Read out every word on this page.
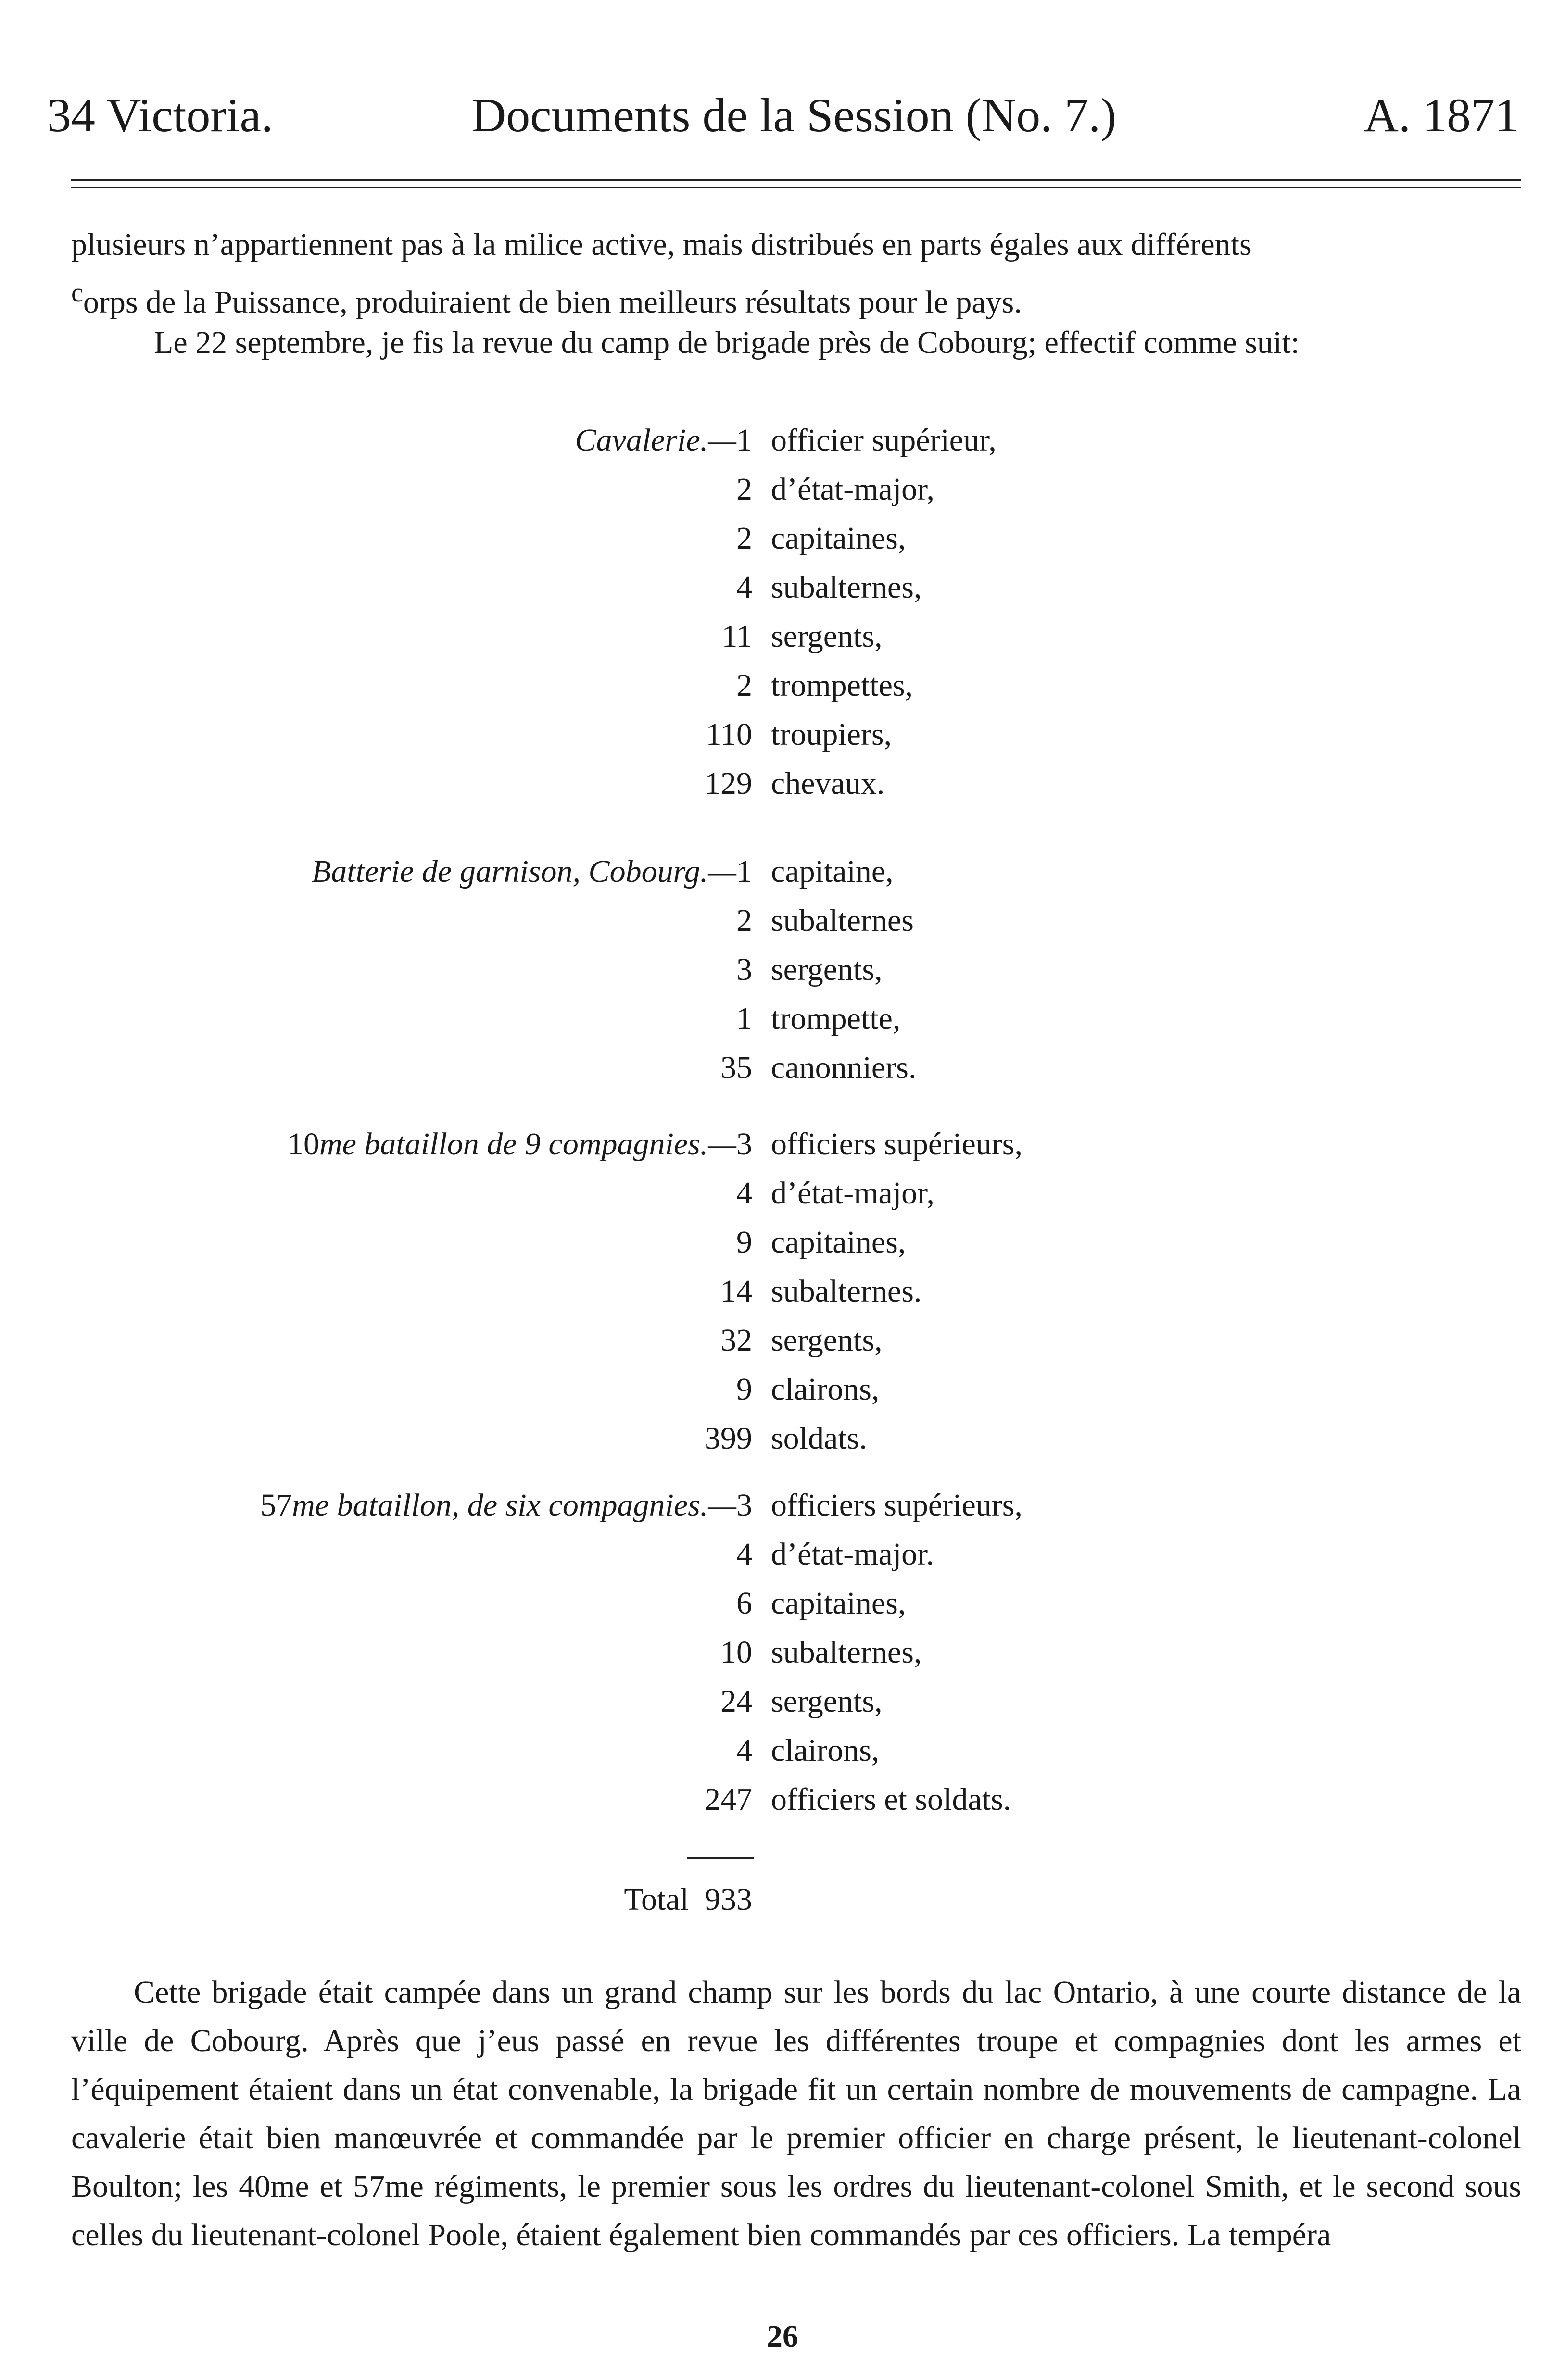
34 Victoria.	Documents de la Session (No. 7.)	A. 1871
plusieurs n’appartiennent pas à la milice active, mais distribués en parts égales aux différents
$^c$orps de la Puissance, produiraient de bien meilleurs résultats pour le pays.
Le 22 septembre, je fis la revue du camp de brigade près de Cobourg; effectif comme suit:
Cavalerie.—1 officier supérieur,
2 d’état-major,
2 capitaines,
4 subalternes,
11 sergents,
2 trompettes,
110 troupiers,
129 chevaux.
Batterie de garnison, Cobourg.—1 capitaine,
2 subalternes
3 sergents,
1 trompette,
35 canonniers.
10me bataillon de 9 compagnies.—3 officiers supérieurs,
4 d’état-major,
9 capitaines,
14 subalternes.
32 sergents,
9 clairons,
399 soldats.
57me bataillon, de six compagnies.—3 officiers supérieurs,
4 d’état-major.
6 capitaines,
10 subalternes,
24 sergents,
4 clairons,
247 officiers et soldats.
Total 933
Cette brigade était campée dans un grand champ sur les bords du lac Ontario, à une courte distance de la ville de Cobourg. Après que j’eus passé en revue les différentes troupe et compagnies dont les armes et l’équipement étaient dans un état convenable, la brigade fit un certain nombre de mouvements de campagne. La cavalerie était bien manœuvrée et commandée par le premier officier en charge présent, le lieutenant-colonel Boulton; les 40me et 57me régiments, le premier sous les ordres du lieutenant-colonel Smith, et le second sous celles du lieutenant-colonel Poole, étaient également bien commandés par ces officiers. La tempéra
26
